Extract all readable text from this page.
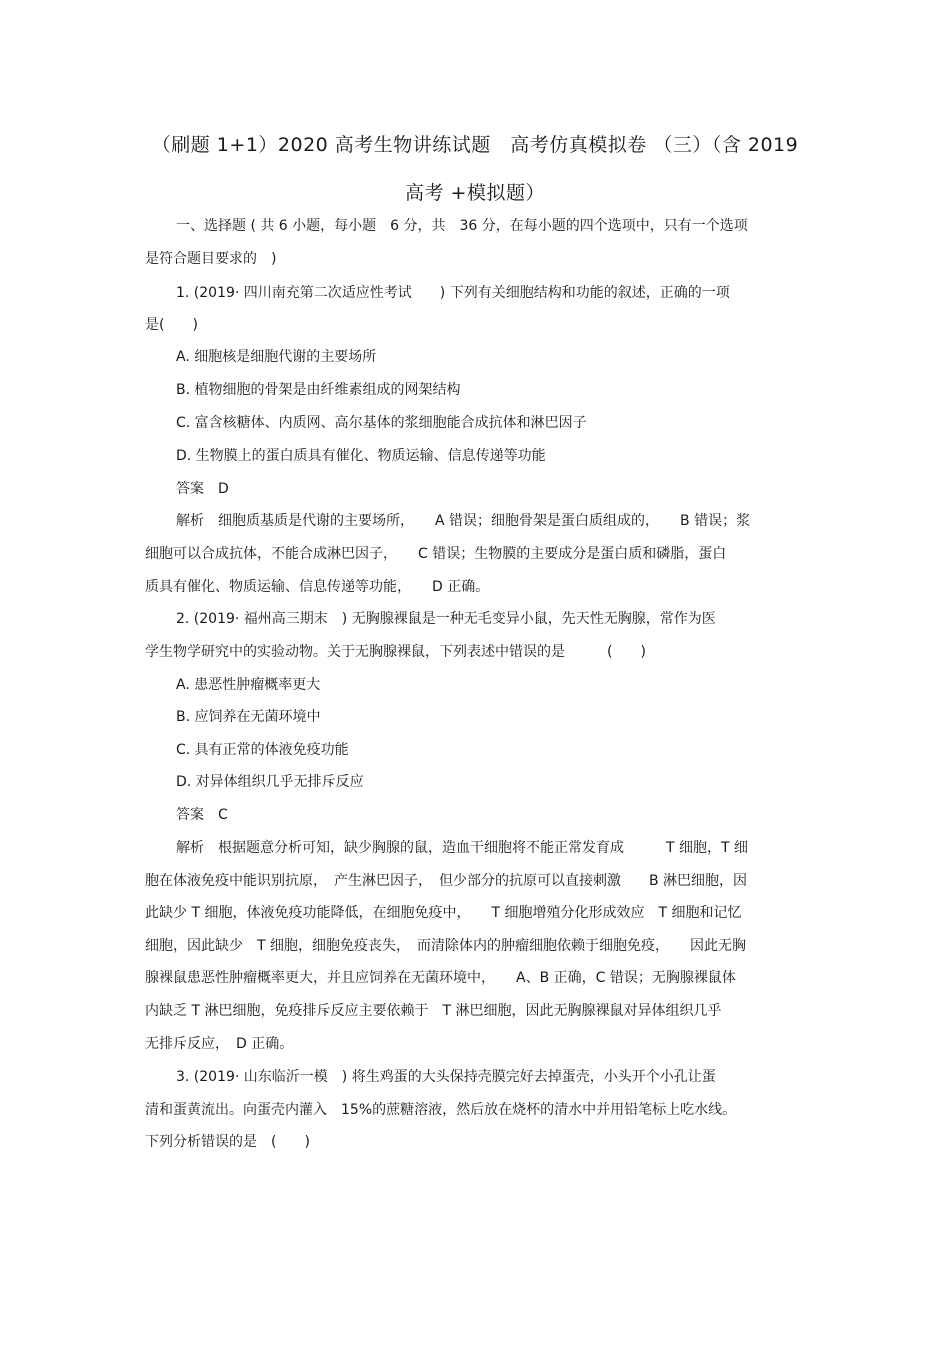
（刷题 1+1）2020 高考生物讲练试题　高考仿真模拟卷 （三）（含 2019
高考 +模拟题）
一、选择题 ( 共 6 小题，每小题　6 分，共　36 分，在每小题的四个选项中，只有一个选项
是符合题目要求的　)
1. (2019· 四川南充第二次适应性考试　　) 下列有关细胞结构和功能的叙述，正确的一项
是(　　)
A. 细胞核是细胞代谢的主要场所
B. 植物细胞的骨架是由纤维素组成的网架结构
C. 富含核糖体、内质网、高尔基体的浆细胞能合成抗体和淋巴因子
D. 生物膜上的蛋白质具有催化、物质运输、信息传递等功能
答案　D
解析　细胞质基质是代谢的主要场所，　　A 错误；细胞骨架是蛋白质组成的，　　B 错误；浆
细胞可以合成抗体，不能合成淋巴因子，　　C 错误；生物膜的主要成分是蛋白质和磷脂，蛋白
质具有催化、物质运输、信息传递等功能，　　D 正确。
2. (2019· 福州高三期末　) 无胸腺裸鼠是一种无毛变异小鼠，先天性无胸腺，常作为医
学生物学研究中的实验动物。关于无胸腺裸鼠，下列表述中错误的是　　　(　　)
A. 患恶性肿瘤概率更大
B. 应饲养在无菌环境中
C. 具有正常的体液免疫功能
D. 对异体组织几乎无排斥反应
答案　C
解析　根据题意分析可知，缺少胸腺的鼠，造血干细胞将不能正常发育成　　　T 细胞，T 细
胞在体液免疫中能识别抗原，　产生淋巴因子，　但少部分的抗原可以直接刺激　　B 淋巴细胞，因
此缺少 T 细胞，体液免疫功能降低，在细胞免疫中，　　T 细胞增殖分化形成效应　T 细胞和记忆
细胞，因此缺少　T 细胞，细胞免疫丧失，　而清除体内的肿瘤细胞依赖于细胞免疫，　　因此无胸
腺裸鼠患恶性肿瘤概率更大，并且应饲养在无菌环境中，　　A、B 正确，C 错误；无胸腺裸鼠体
内缺乏 T 淋巴细胞，免疫排斥反应主要依赖于　T 淋巴细胞，因此无胸腺裸鼠对异体组织几乎
无排斥反应，　D 正确。
3. (2019· 山东临沂一模　) 将生鸡蛋的大头保持壳膜完好去掉蛋壳，小头开个小孔让蛋
清和蛋黄流出。向蛋壳内灌入　15%的蔗糖溶液，然后放在烧杯的清水中并用铅笔标上吃水线。
下列分析错误的是　(　　)
